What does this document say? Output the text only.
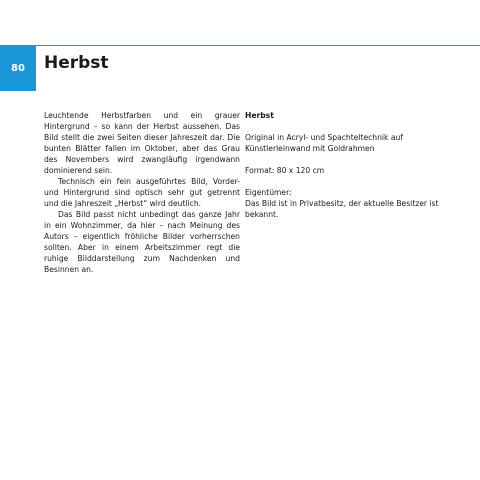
80 Herbst

Leuchtende Herbstfarben und ein grauer Hintergrund – so kann der Herbst aussehen. Das Bild stellt die zwei Seiten dieser Jahreszeit dar. Die bunten Blätter fallen im Oktober, aber das Grau des Novembers wird zwangläufig irgendwann dominierend sein.

Technisch ein fein ausgeführtes Bild, Vorder- und Hintergrund sind optisch sehr gut getrennt und die Jahreszeit „Herbst“ wird deutlich.

Das Bild passt nicht unbedingt das ganze Jahr in ein Wohnzimmer, da hier – nach Meinung des Autors – eigentlich fröhliche Bilder vorherrschen sollten. Aber in einem Arbeitszimmer regt die ruhige Bilddarstellung zum Nachdenken und Besinnen an.

Herbst

Original in Acryl- und Spachteltechnik auf Künstlerleinwand mit Goldrahmen

Format: 80 x 120 cm

Eigentümer:
Das Bild ist in Privatbesitz, der aktuelle Besitzer ist bekannt.
